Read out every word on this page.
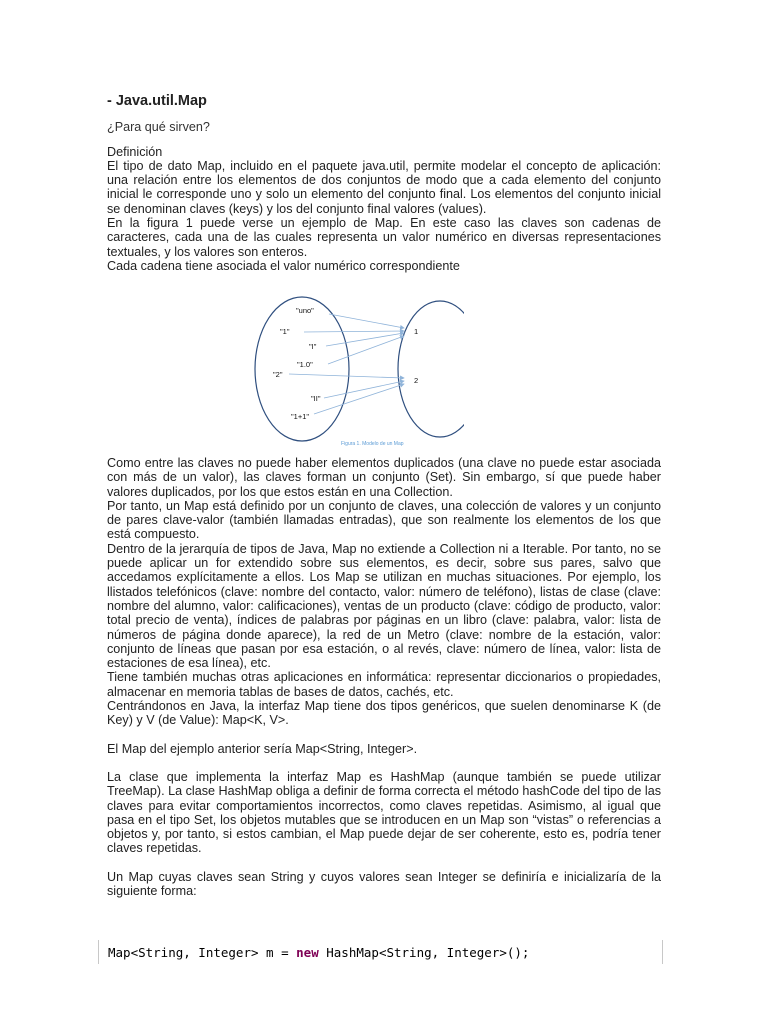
- Java.util.Map
¿Para qué sirven?

Definición

El tipo de dato Map, incluido en el paquete java.util, permite modelar el concepto de aplicación: una relación entre los elementos de dos conjuntos de modo que a cada elemento del conjunto inicial le corresponde uno y solo un elemento del conjunto final. Los elementos del conjunto inicial se denominan claves (keys) y los del conjunto final valores (values).

En la figura 1 puede verse un ejemplo de Map. En este caso las claves son cadenas de caracteres, cada una de las cuales representa un valor numérico en diversas representaciones textuales, y los valores son enteros.

Cada cadena tiene asociada el valor numérico correspondiente

"uno"
"1"
"I"
"1.0"
"2"
"II"
"1+1"
1
2
Figura 1. Modelo de un Map

Como entre las claves no puede haber elementos duplicados (una clave no puede estar asociada con más de un valor), las claves forman un conjunto (Set). Sin embargo, sí que puede haber valores duplicados, por los que estos están en una Collection.

Por tanto, un Map está definido por un conjunto de claves, una colección de valores y un conjunto de pares clave-valor (también llamadas entradas), que son realmente los elementos de los que está compuesto.

Dentro de la jerarquía de tipos de Java, Map no extiende a Collection ni a Iterable. Por tanto, no se puede aplicar un for extendido sobre sus elementos, es decir, sobre sus pares, salvo que accedamos explícitamente a ellos. Los Map se utilizan en muchas situaciones. Por ejemplo, los llistados telefónicos (clave: nombre del contacto, valor: número de teléfono), listas de clase (clave: nombre del alumno, valor: calificaciones), ventas de un producto (clave: código de producto, valor: total precio de venta), índices de palabras por páginas en un libro (clave: palabra, valor: lista de números de página donde aparece), la red de un Metro (clave: nombre de la estación, valor: conjunto de líneas que pasan por esa estación, o al revés, clave: número de línea, valor: lista de estaciones de esa línea), etc.

Tiene también muchas otras aplicaciones en informática: representar diccionarios o propiedades, almacenar en memoria tablas de bases de datos, cachés, etc.

Centrándonos en Java, la interfaz Map tiene dos tipos genéricos, que suelen denominarse K (de Key) y V (de Value): Map<K, V>.

El Map del ejemplo anterior sería Map<String, Integer>.

La clase que implementa la interfaz Map es HashMap (aunque también se puede utilizar TreeMap). La clase HashMap obliga a definir de forma correcta el método hashCode del tipo de las claves para evitar comportamientos incorrectos, como claves repetidas. Asimismo, al igual que pasa en el tipo Set, los objetos mutables que se introducen en un Map son “vistas” o referencias a objetos y, por tanto, si estos cambian, el Map puede dejar de ser coherente, esto es, podría tener claves repetidas.

Un Map cuyas claves sean String y cuyos valores sean Integer se definiría e inicializaría de la siguiente forma:

Map<String, Integer> m = new HashMap<String, Integer>();
